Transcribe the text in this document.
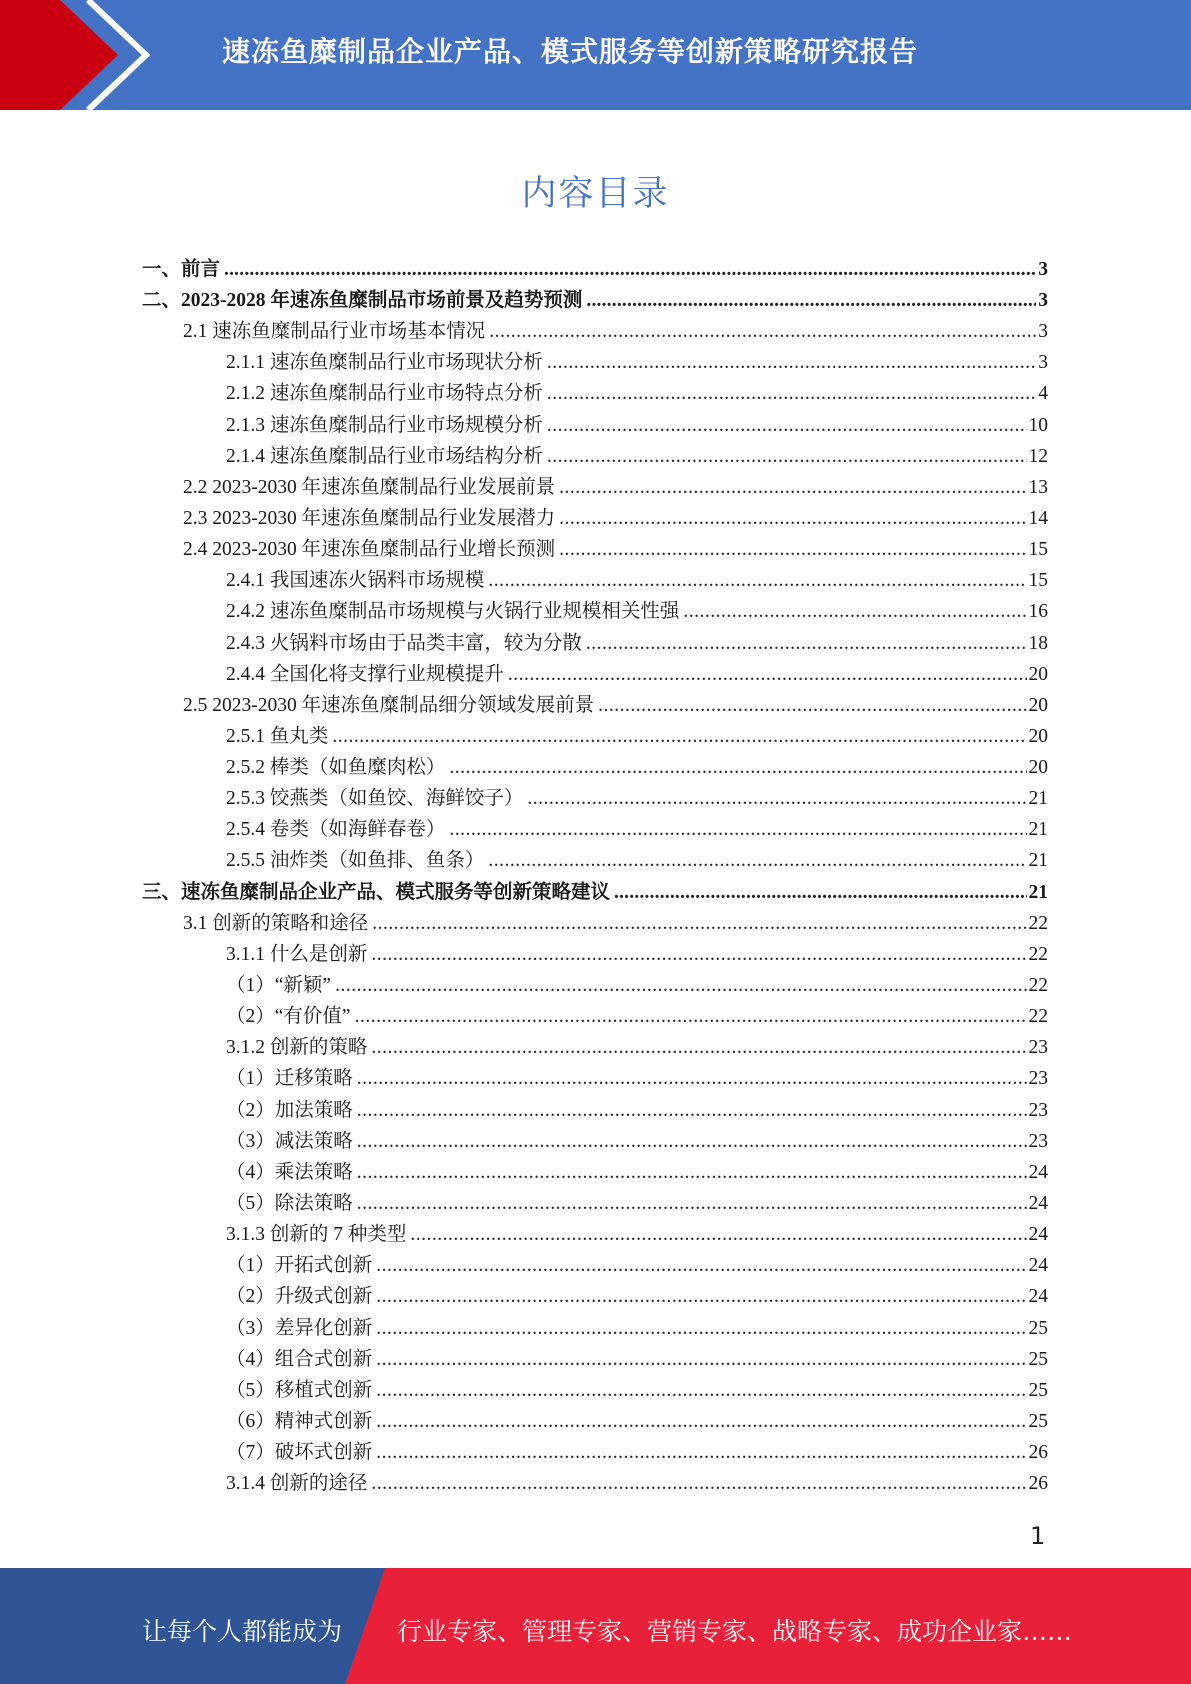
速冻鱼糜制品企业产品、模式服务等创新策略研究报告
内容目录
一、前言 .....	3
二、2023-2028 年速冻鱼糜制品市场前景及趋势预测 .....	3
2.1 速冻鱼糜制品行业市场基本情况 .....	3
2.1.1 速冻鱼糜制品行业市场现状分析 .....	3
2.1.2 速冻鱼糜制品行业市场特点分析 .....	4
2.1.3 速冻鱼糜制品行业市场规模分析 .....	10
2.1.4 速冻鱼糜制品行业市场结构分析 .....	12
2.2 2023-2030 年速冻鱼糜制品行业发展前景 .....	13
2.3 2023-2030 年速冻鱼糜制品行业发展潜力 .....	14
2.4 2023-2030 年速冻鱼糜制品行业增长预测 .....	15
2.4.1 我国速冻火锅料市场规模 .....	15
2.4.2 速冻鱼糜制品市场规模与火锅行业规模相关性强 .....	16
2.4.3 火锅料市场由于品类丰富，较为分散 .....	18
2.4.4 全国化将支撑行业规模提升 .....	20
2.5 2023-2030 年速冻鱼糜制品细分领域发展前景 .....	20
2.5.1 鱼丸类 .....	20
2.5.2 棒类（如鱼糜肉松） .....	20
2.5.3 饺燕类（如鱼饺、海鲜饺子） .....	21
2.5.4 卷类（如海鲜春卷） .....	21
2.5.5 油炸类（如鱼排、鱼条） .....	21
三、速冻鱼糜制品企业产品、模式服务等创新策略建议 .....	21
3.1 创新的策略和途径 .....	22
3.1.1 什么是创新 .....	22
（1）“新颖” .....	22
（2）“有价值” .....	22
3.1.2 创新的策略 .....	23
（1）迁移策略 .....	23
（2）加法策略 .....	23
（3）减法策略 .....	23
（4）乘法策略 .....	24
（5）除法策略 .....	24
3.1.3 创新的 7 种类型 .....	24
（1）开拓式创新 .....	24
（2）升级式创新 .....	24
（3）差异化创新 .....	25
（4）组合式创新 .....	25
（5）移植式创新 .....	25
（6）精神式创新 .....	25
（7）破坏式创新 .....	26
3.1.4 创新的途径 .....	26
1
让每个人都能成为 行业专家、管理专家、营销专家、战略专家、成功企业家……
